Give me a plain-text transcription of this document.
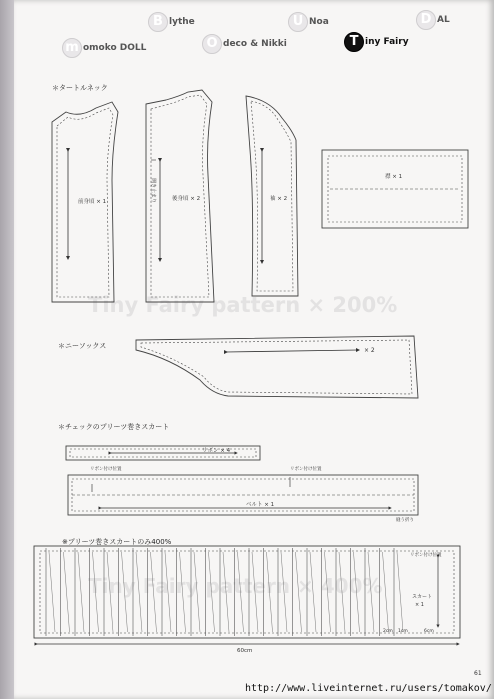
m omoko DOLL
B lythe
O deco & Nikki
U Noa
T iny Fairy
D AL
＊タートルネック
＊ニーソックス
＊チェックのプリーツ巻きスカート
※プリーツ巻きスカートのみ400%
Tiny Fairy pattern × 200%
Tiny Fairy pattern × 400%
前身頃 × 1	開き止まり	後身頃 × 2	袖 × 2
襟 × 1
× 2
リボン × 4
リボン付け位置	リボン付け位置
ベルト × 1
縫う折り
リボン付け位置
スカート
× 1
2cm 1cm	6cm
60cm
61
http://www.liveinternet.ru/users/tomakov/
